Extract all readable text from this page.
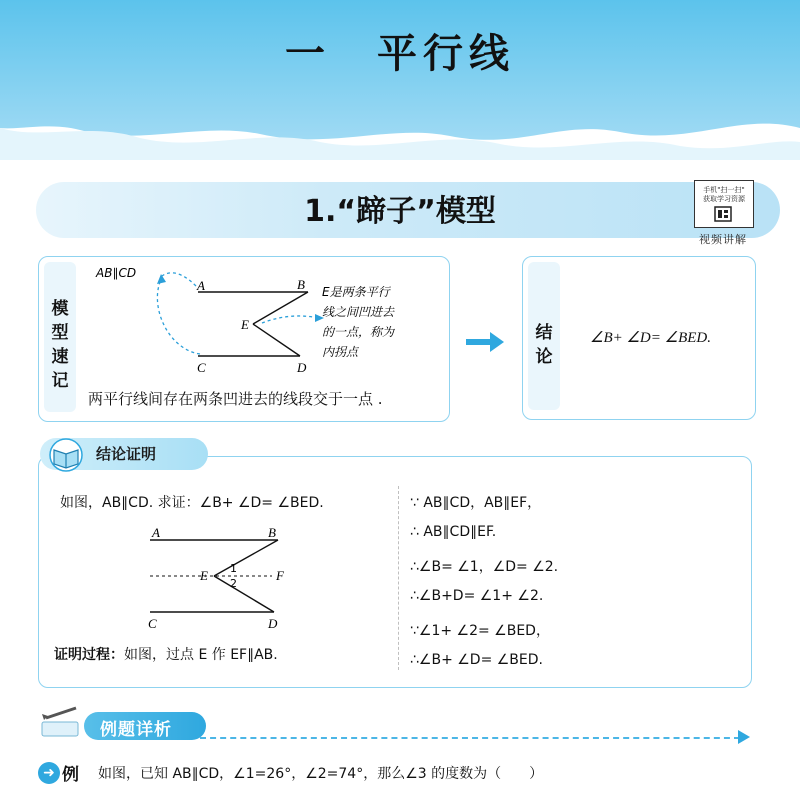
一　平行线
1.“蹄子”模型
手机"扫一扫"
获取学习资源
视频讲解
模
型
速
记
AB∥CD
A	B
E
C	D
E是两条平行
线之间凹进去
的一点，称为
内拐点
两平行线间存在两条凹进去的线段交于一点 .
结
论
∠B+ ∠D= ∠BED.
结论证明
如图，AB∥CD. 求证：∠B+ ∠D= ∠BED.
A	B
E	F
1
2
C	D
证明过程：如图，过点 E 作 EF∥AB.
∵ AB∥CD，AB∥EF，
∴ AB∥CD∥EF.
∴∠B= ∠1，∠D= ∠2.
∴∠B+D= ∠1+ ∠2.
∵∠1+ ∠2= ∠BED，
∴∠B+ ∠D= ∠BED.
例题详析
➜ 例 如图，已知 AB∥CD，∠1=26°，∠2=74°，那么∠3 的度数为（　　）
